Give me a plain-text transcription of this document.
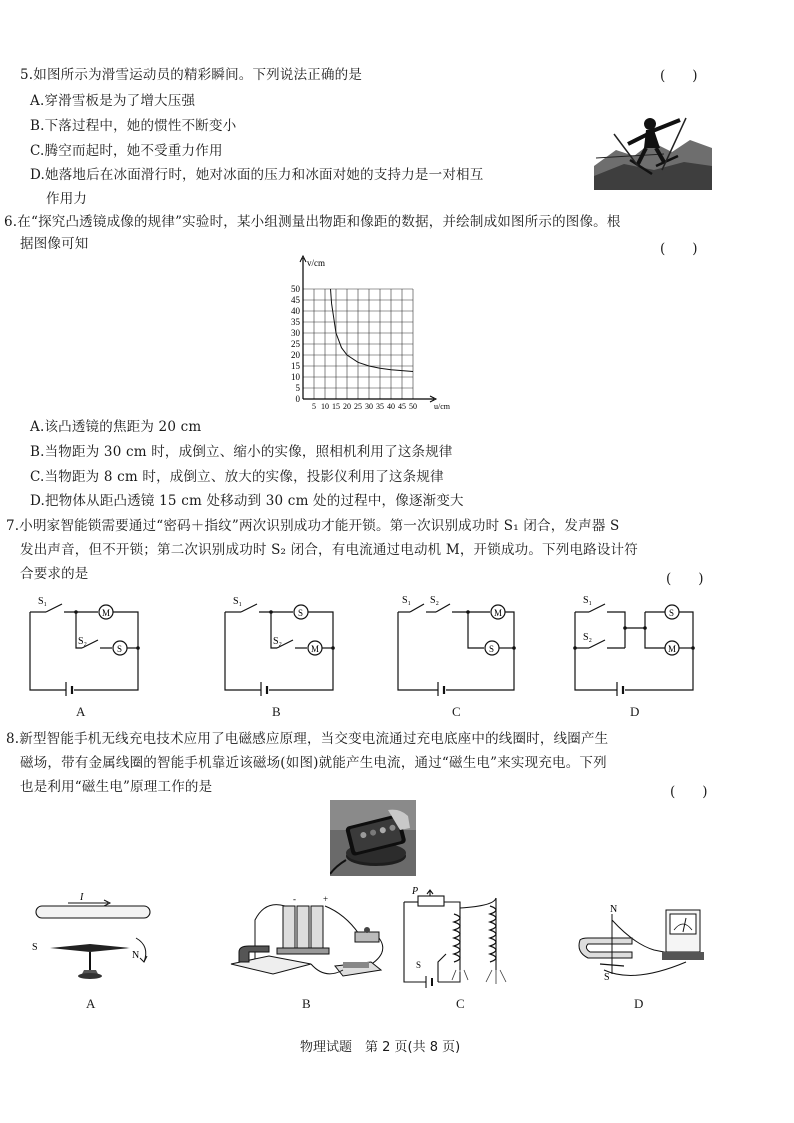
5.如图所示为滑雪运动员的精彩瞬间。下列说法正确的是	(　　)
A.穿滑雪板是为了增大压强
B.下落过程中，她的惯性不断变小
C.腾空而起时，她不受重力作用
D.她落地后在冰面滑行时，她对冰面的压力和冰面对她的支持力是一对相互
作用力
6.在“探究凸透镜成像的规律”实验时，某小组测量出物距和像距的数据，并绘制成如图所示的图像。根
据图像可知	(　　)
0
5
10
15
20
25
30
35
40
45
50
5 10 15 20 25 30 35 40 45 50
v/cm
u/cm
A.该凸透镜的焦距为 20 cm
B.当物距为 30 cm 时，成倒立、缩小的实像，照相机利用了这条规律
C.当物距为 8 cm 时，成倒立、放大的实像，投影仪利用了这条规律
D.把物体从距凸透镜 15 cm 处移动到 30 cm 处的过程中，像逐渐变大
7.小明家智能锁需要通过“密码＋指纹”两次识别成功才能开锁。第一次识别成功时 S₁ 闭合，发声器 S
发出声音，但不开锁；第二次识别成功时 S₂ 闭合，有电流通过电动机 M，开锁成功。下列电路设计符
合要求的是	(　　)
S₁
S₂
M
S
A
S₁
S₂
S
M
B
S₁ S₂
M
S
C
S₁
S₂
S
M
D
8.新型智能手机无线充电技术应用了电磁感应原理，当交变电流通过充电底座中的线圈时，线圈产生
磁场，带有金属线圈的智能手机靠近该磁场(如图)就能产生电流，通过“磁生电”来实现充电。下列
也是利用“磁生电”原理工作的是	(　　)
I
S
N
A
-	+
B
P
S
C
N
S
D
物理试题　第 2 页(共 8 页)
